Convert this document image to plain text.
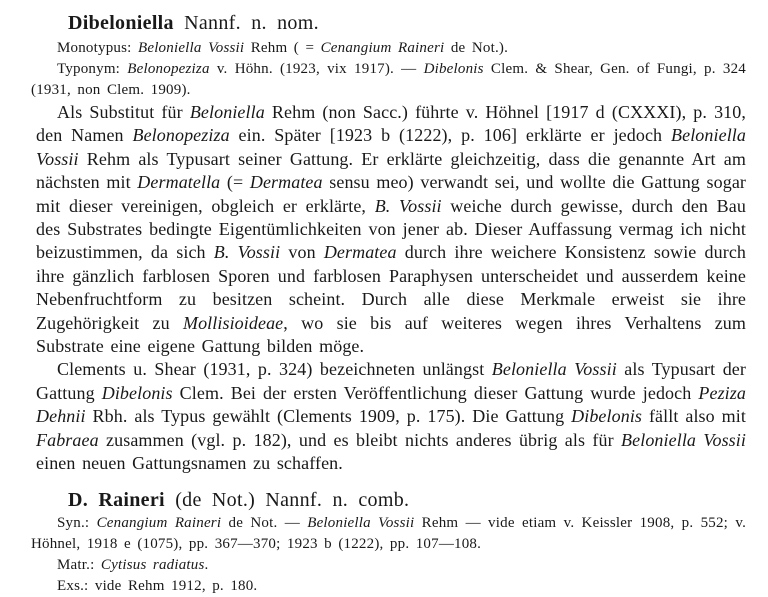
Dibeloniella Nannf. n. nom.

Monotypus: Beloniella Vossii Rehm ( = Cenangium Raineri de Not.).

Typonym: Belonopeziza v. Höhn. (1923, vix 1917). — Dibelonis Clem. & Shear, Gen. of Fungi, p. 324 (1931, non Clem. 1909).

Als Substitut für Beloniella Rehm (non Sacc.) führte v. Höhnel [1917 d (CXXXI), p. 310, den Namen Belonopeziza ein. Später [1923 b (1222), p. 106] erklärte er jedoch Beloniella Vossii Rehm als Typusart seiner Gattung. Er erklärte gleichzeitig, dass die genannte Art am nächsten mit Dermatella (= Dermatea sensu meo) verwandt sei, und wollte die Gattung sogar mit dieser vereinigen, obgleich er erklärte, B. Vossii weiche durch gewisse, durch den Bau des Substrates bedingte Eigentümlichkeiten von jener ab. Dieser Auffassung vermag ich nicht beizustimmen, da sich B. Vossii von Dermatea durch ihre weichere Konsistenz sowie durch ihre gänzlich farblosen Sporen und farblosen Paraphysen unterscheidet und ausserdem keine Nebenfruchtform zu besitzen scheint. Durch alle diese Merkmale erweist sie ihre Zugehörigkeit zu Mollisioideae, wo sie bis auf weiteres wegen ihres Verhaltens zum Substrate eine eigene Gattung bilden möge.

Clements u. Shear (1931, p. 324) bezeichneten unlängst Beloniella Vossii als Typusart der Gattung Dibelonis Clem. Bei der ersten Veröffentlichung dieser Gattung wurde jedoch Peziza Dehnii Rbh. als Typus gewählt (Clements 1909, p. 175). Die Gattung Dibelonis fällt also mit Fabraea zusammen (vgl. p. 182), und es bleibt nichts anderes übrig als für Beloniella Vossii einen neuen Gattungsnamen zu schaffen.

D. Raineri (de Not.) Nannf. n. comb.

Syn.: Cenangium Raineri de Not. — Beloniella Vossii Rehm — vide etiam v. Keissler 1908, p. 552; v. Höhnel, 1918 e (1075), pp. 367—370; 1923 b (1222), pp. 107—108.

Matr.: Cytisus radiatus.

Exs.: vide Rehm 1912, p. 180.
